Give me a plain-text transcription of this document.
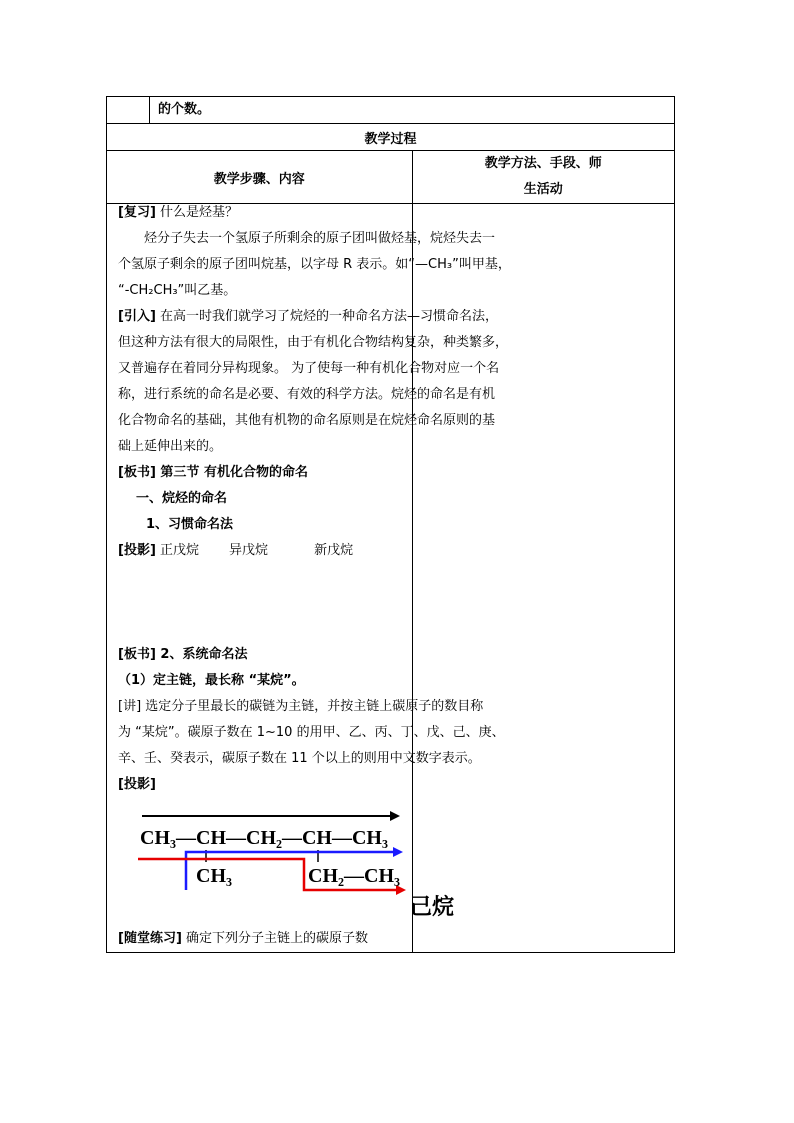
	的个数。	
教学过程		
教学步骤、内容		教学方法、手段、师
生活动

[复习] 什么是烃基？

烃分子失去一个氢原子所剩余的原子团叫做烃基，烷烃失去一

个氢原子剩余的原子团叫烷基，以字母 R 表示。如“—CH₃”叫甲基，

“-CH₂CH₃”叫乙基。

[引入] 在高一时我们就学习了烷烃的一种命名方法—习惯命名法，

但这种方法有很大的局限性，由于有机化合物结构复杂，种类繁多，

又普遍存在着同分异构现象。 为了使每一种有机化合物对应一个名

称，进行系统的命名是必要、有效的科学方法。烷烃的命名是有机

化合物命名的基础，其他有机物的命名原则是在烷烃命名原则的基

础上延伸出来的。

[板书] 第三节 有机化合物的命名

一、烷烃的命名

1、习惯命名法

[投影] 正戊烷 异戊烷	新戊烷

[板书] 2、系统命名法

（1）定主链，最长称 “某烷”。

[讲] 选定分子里最长的碳链为主链，并按主链上碳原子的数目称

为 “某烷”。碳原子数在 1~10 的用甲、乙、丙、丁、戊、己、庚、

辛、壬、癸表示，碳原子数在 11 个以上的则用中文数字表示。

[投影]

CH₃—CH—CH₂—CH—CH₃
CH₃	CH₂—CH₃
己烷

[随堂练习] 确定下列分子主链上的碳原子数
